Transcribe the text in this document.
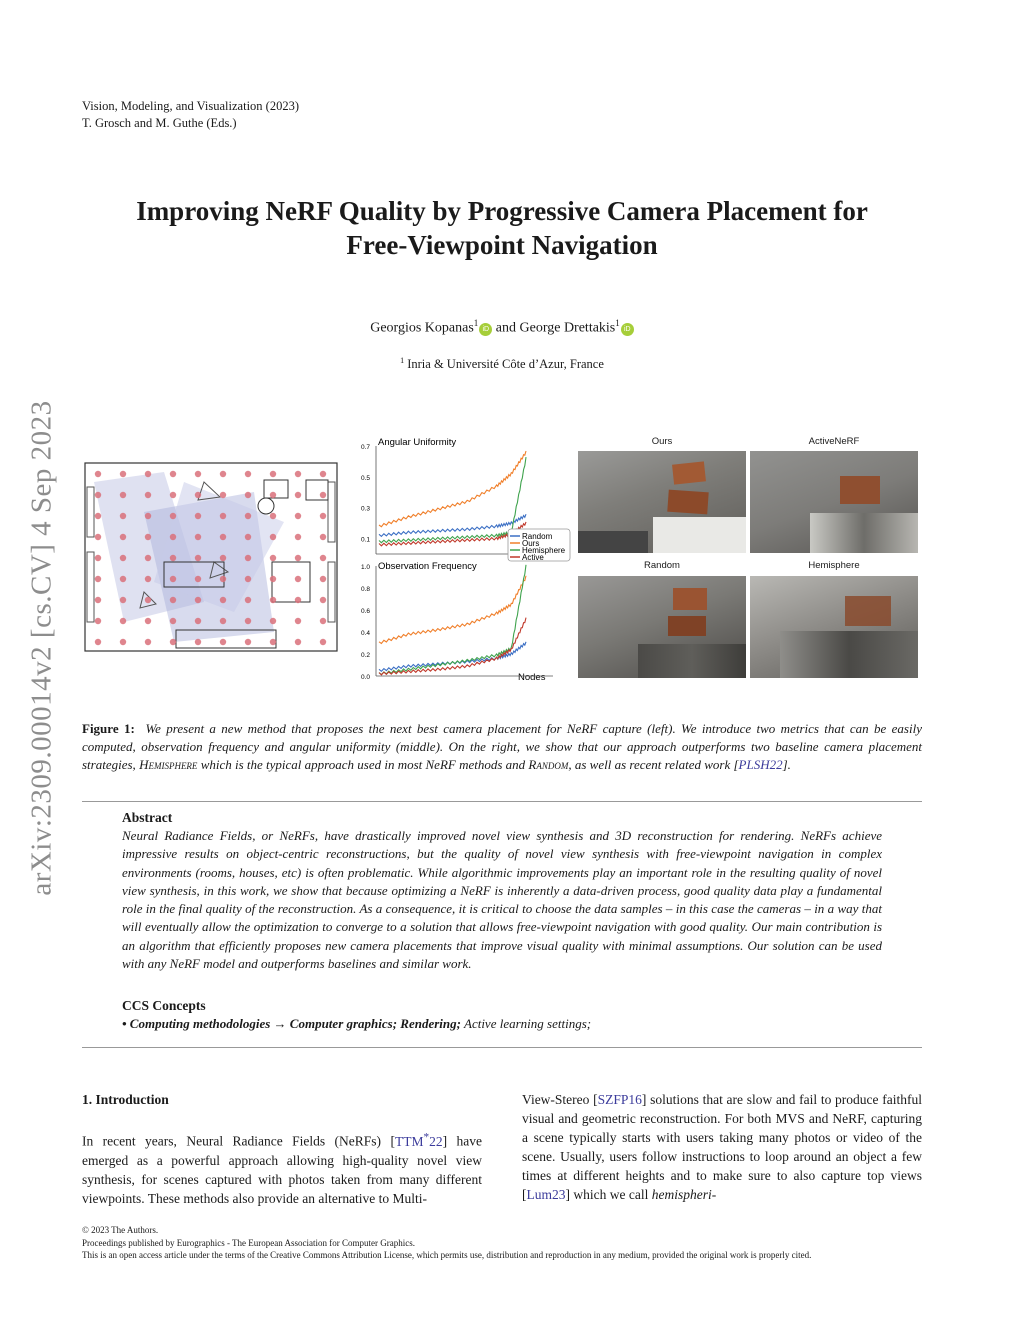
Vision, Modeling, and Visualization (2023)
T. Grosch and M. Guthe (Eds.)
arXiv:2309.00014v2 [cs.CV] 4 Sep 2023
Improving NeRF Quality by Progressive Camera Placement for
Free-Viewpoint Navigation
Georgios Kopanas$^1$iD and George Drettakis$^1$iD
$^1$ Inria & Université Côte d’Azur, France
Angular Uniformity
Observation Frequency
Nodes
0.7
0.5
0.3
0.1
1.0
0.8
0.6
0.4
0.2
0.0
Random
Ours
Hemisphere
Active
Ours	ActiveNeRF
Random	Hemisphere
Figure 1: We present a new method that proposes the next best camera placement for NeRF capture (left). We introduce two metrics that can be easily computed, observation frequency and angular uniformity (middle). On the right, we show that our approach outperforms two baseline camera placement strategies, Hemisphere which is the typical approach used in most NeRF methods and Random, as well as recent related work [PLSH22].
Abstract
Neural Radiance Fields, or NeRFs, have drastically improved novel view synthesis and 3D reconstruction for rendering. NeRFs achieve impressive results on object-centric reconstructions, but the quality of novel view synthesis with free-viewpoint navigation in complex environments (rooms, houses, etc) is often problematic. While algorithmic improvements play an important role in the resulting quality of novel view synthesis, in this work, we show that because optimizing a NeRF is inherently a data-driven process, good quality data play a fundamental role in the final quality of the reconstruction. As a consequence, it is critical to choose the data samples – in this case the cameras – in a way that will eventually allow the optimization to converge to a solution that allows free-viewpoint navigation with good quality. Our main contribution is an algorithm that efficiently proposes new camera placements that improve visual quality with minimal assumptions. Our solution can be used with any NeRF model and outperforms baselines and similar work.
CCS Concepts
• Computing methodologies → Computer graphics; Rendering; Active learning settings;
1. Introduction
In recent years, Neural Radiance Fields (NeRFs) [TTM*22] have emerged as a powerful approach allowing high-quality novel view synthesis, for scenes captured with photos taken from many different viewpoints. These methods also provide an alternative to Multi-
View-Stereo [SZFP16] solutions that are slow and fail to produce faithful visual and geometric reconstruction. For both MVS and NeRF, capturing a scene typically starts with users taking many photos or video of the scene. Usually, users follow instructions to loop around an object a few times at different heights and to make sure to also capture top views [Lum23] which we call hemispheri-
© 2023 The Authors.
Proceedings published by Eurographics - The European Association for Computer Graphics.
This is an open access article under the terms of the Creative Commons Attribution License, which permits use, distribution and reproduction in any medium, provided the original work is properly cited.
